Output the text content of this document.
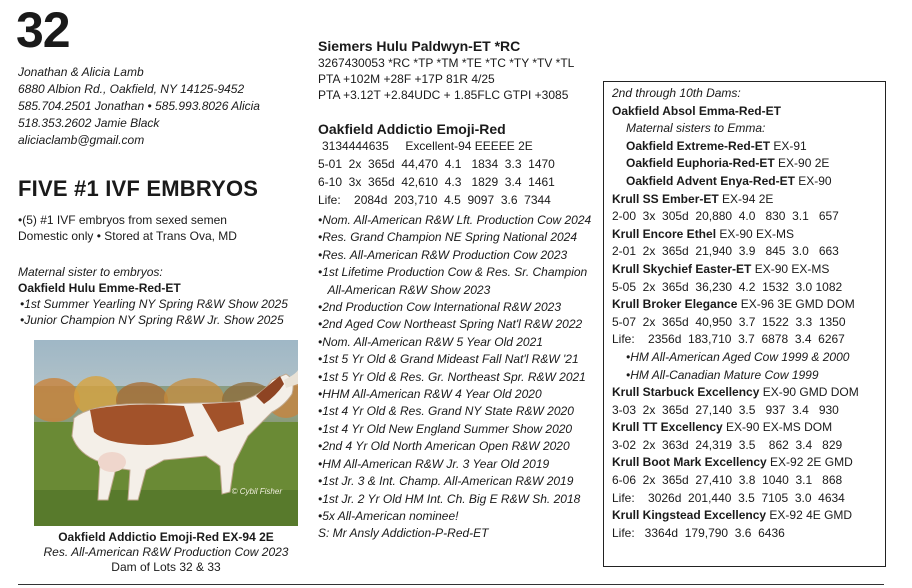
32
Jonathan & Alicia Lamb
6880 Albion Rd., Oakfield, NY 14125-9452
585.704.2501 Jonathan • 585.993.8026 Alicia
518.353.2602 Jamie Black
aliciaclamb@gmail.com
FIVE #1 IVF EMBRYOS
•(5) #1 IVF embryos from sexed semen
Domestic only • Stored at Trans Ova, MD
Maternal sister to embryos:
Oakfield Hulu Emme-Red-ET
•1st Summer Yearling NY Spring R&W Show 2025
•Junior Champion NY Spring R&W Jr. Show 2025
© Cybil Fisher
Oakfield Addictio Emoji-Red EX-94 2E
Res. All-American R&W Production Cow 2023
Dam of Lots 32 & 33
Siemers Hulu Paldwyn-ET *RC
3267430053 *RC *TP *TM *TE *TC *TY *TV *TL
PTA +102M +28F +17P 81R 4/25
PTA +3.12T +2.84UDC + 1.85FLC GTPI +3085
Oakfield Addictio Emoji-Red
3134444635     Excellent-94 EEEEE 2E
5-01  2x  365d  44,470  4.1   1834  3.3  1470
6-10  3x  365d  42,610  4.3   1829  3.4  1461
Life:    2084d  203,710  4.5  9097  3.6  7344
•Nom. All-American R&W Lft. Production Cow 2024
•Res. Grand Champion NE Spring National 2024
•Res. All-American R&W Production Cow 2023
•1st Lifetime Production Cow & Res. Sr. Champion
All-American R&W Show 2023
•2nd Production Cow International R&W 2023
•2nd Aged Cow Northeast Spring Nat'l R&W 2022
•Nom. All-American R&W 5 Year Old 2021
•1st 5 Yr Old & Grand Mideast Fall Nat'l R&W '21
•1st 5 Yr Old & Res. Gr. Northeast Spr. R&W 2021
•HHM All-American R&W 4 Year Old 2020
•1st 4 Yr Old & Res. Grand NY State R&W 2020
•1st 4 Yr Old New England Summer Show 2020
•2nd 4 Yr Old North American Open R&W 2020
•HM All-American R&W Jr. 3 Year Old 2019
•1st Jr. 3 & Int. Champ. All-American R&W 2019
•1st Jr. 2 Yr Old HM Int. Ch. Big E R&W Sh. 2018
•5x All-American nominee!
S: Mr Ansly Addiction-P-Red-ET
2nd through 10th Dams:
Oakfield Absol Emma-Red-ET
Maternal sisters to Emma:
Oakfield Extreme-Red-ET EX-91
Oakfield Euphoria-Red-ET EX-90 2E
Oakfield Advent Enya-Red-ET EX-90
Krull SS Ember-ET EX-94 2E
2-00  3x  305d  20,880  4.0   830  3.1   657
Krull Encore Ethel EX-90 EX-MS
2-01  2x  365d  21,940  3.9   845  3.0   663
Krull Skychief Easter-ET EX-90 EX-MS
5-05  2x  365d  36,230  4.2  1532  3.0 1082
Krull Broker Elegance EX-96 3E GMD DOM
5-07  2x  365d  40,950  3.7  1522  3.3  1350
Life:    2356d  183,710  3.7  6878  3.4  6267
•HM All-American Aged Cow 1999 & 2000
•HM All-Canadian Mature Cow 1999
Krull Starbuck Excellency EX-90 GMD DOM
3-03  2x  365d  27,140  3.5   937  3.4   930
Krull TT Excellency EX-90 EX-MS DOM
3-02  2x  363d  24,319  3.5    862  3.4   829
Krull Boot Mark Excellency EX-92 2E GMD
6-06  2x  365d  27,410  3.8  1040  3.1   868
Life:    3026d  201,440  3.5  7105  3.0  4634
Krull Kingstead Excellency EX-92 4E GMD
Life:   3364d  179,790  3.6  6436
